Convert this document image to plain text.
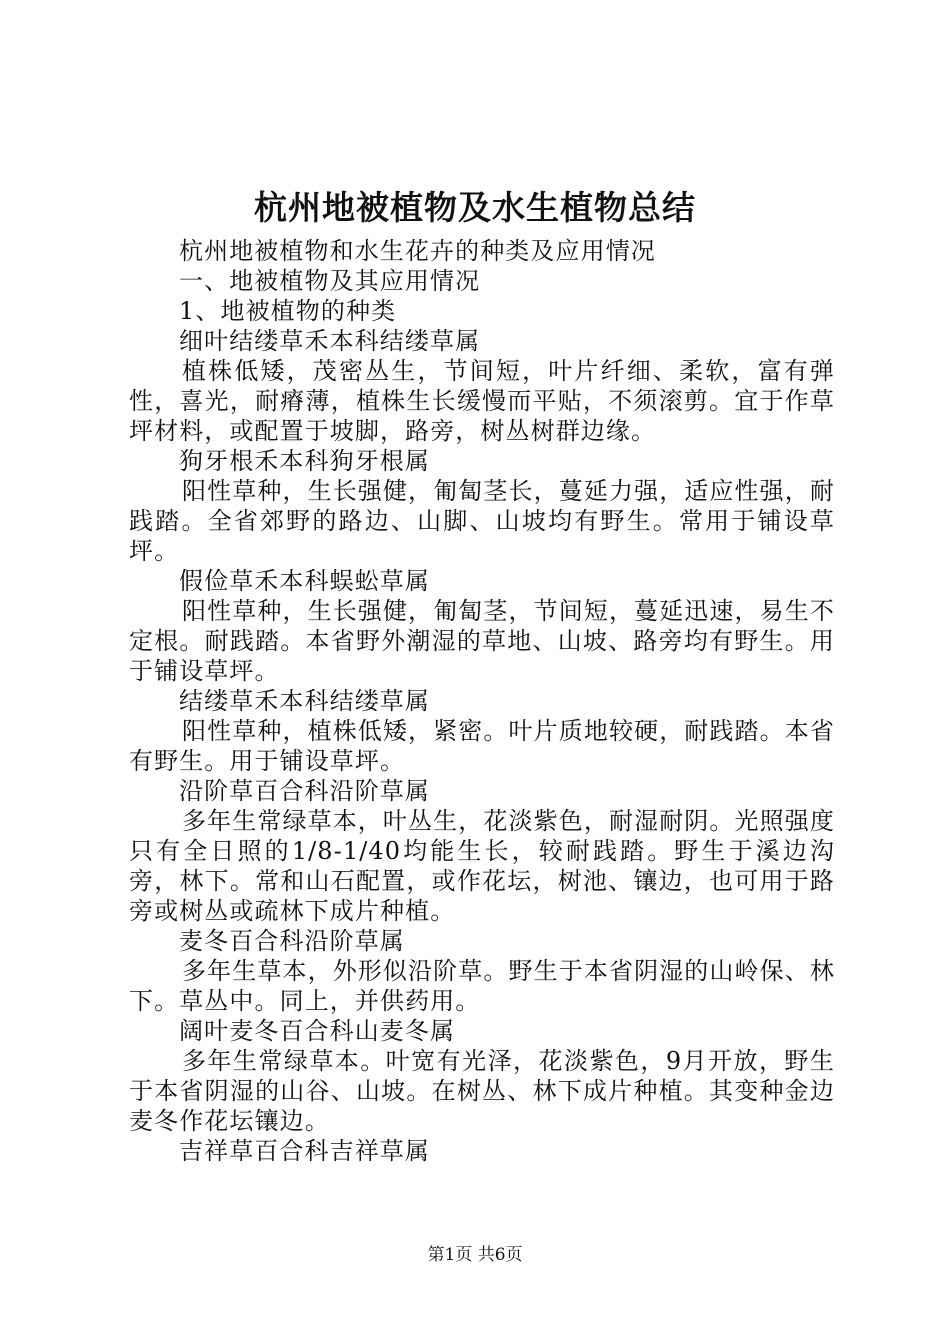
杭州地被植物及水生植物总结

杭州地被植物和水生花卉的种类及应用情况

一、地被植物及其应用情况

1、地被植物的种类

细叶结缕草禾本科结缕草属

植株低矮，茂密丛生，节间短，叶片纤细、柔软，富有弹性，喜光，耐瘠薄，植株生长缓慢而平贴，不须滚剪。宜于作草坪材料，或配置于坡脚，路旁，树丛树群边缘。

狗牙根禾本科狗牙根属

阳性草种，生长强健，匍匐茎长，蔓延力强，适应性强，耐践踏。全省郊野的路边、山脚、山坡均有野生。常用于铺设草坪。

假俭草禾本科蜈蚣草属

阳性草种，生长强健，匍匐茎，节间短，蔓延迅速，易生不定根。耐践踏。本省野外潮湿的草地、山坡、路旁均有野生。用于铺设草坪。

结缕草禾本科结缕草属

阳性草种，植株低矮，紧密。叶片质地较硬，耐践踏。本省有野生。用于铺设草坪。

沿阶草百合科沿阶草属

多年生常绿草本，叶丛生，花淡紫色，耐湿耐阴。光照强度只有全日照的1/8-1/40均能生长，较耐践踏。野生于溪边沟旁，林下。常和山石配置，或作花坛，树池、镶边，也可用于路旁或树丛或疏林下成片种植。

麦冬百合科沿阶草属

多年生草本，外形似沿阶草。野生于本省阴湿的山岭保、林下。草丛中。同上，并供药用。

阔叶麦冬百合科山麦冬属

多年生常绿草本。叶宽有光泽，花淡紫色，9月开放，野生于本省阴湿的山谷、山坡。在树丛、林下成片种植。其变种金边麦冬作花坛镶边。

吉祥草百合科吉祥草属

第1页 共6页
